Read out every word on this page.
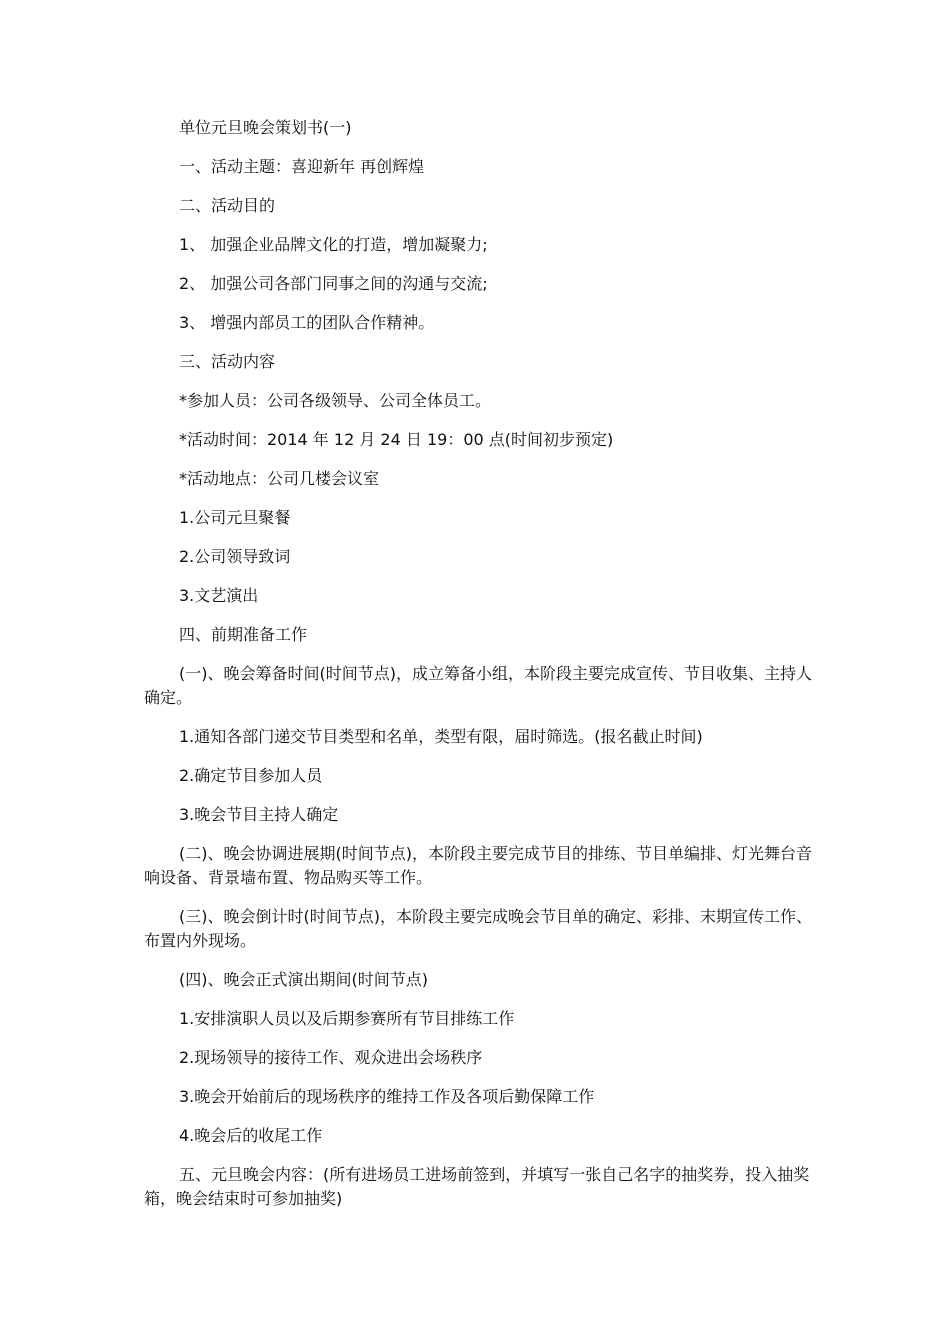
单位元旦晚会策划书(一)

一、活动主题：喜迎新年 再创辉煌

二、活动目的

1、 加强企业品牌文化的打造，增加凝聚力;

2、 加强公司各部门同事之间的沟通与交流;

3、 增强内部员工的团队合作精神。

三、活动内容

*参加人员：公司各级领导、公司全体员工。

*活动时间：2014 年 12 月 24 日 19：00 点(时间初步预定)

*活动地点：公司几楼会议室

1.公司元旦聚餐

2.公司领导致词

3.文艺演出

四、前期准备工作

(一)、晚会筹备时间(时间节点)，成立筹备小组，本阶段主要完成宣传、节目收集、主持人确定。

1.通知各部门递交节目类型和名单，类型有限，届时筛选。(报名截止时间)

2.确定节目参加人员

3.晚会节目主持人确定

(二)、晚会协调进展期(时间节点)，本阶段主要完成节目的排练、节目单编排、灯光舞台音响设备、背景墙布置、物品购买等工作。

(三)、晚会倒计时(时间节点)，本阶段主要完成晚会节目单的确定、彩排、末期宣传工作、布置内外现场。

(四)、晚会正式演出期间(时间节点)

1.安排演职人员以及后期参赛所有节目排练工作

2.现场领导的接待工作、观众进出会场秩序

3.晚会开始前后的现场秩序的维持工作及各项后勤保障工作

4.晚会后的收尾工作

五、元旦晚会内容：(所有进场员工进场前签到，并填写一张自己名字的抽奖券，投入抽奖箱，晚会结束时可参加抽奖)
